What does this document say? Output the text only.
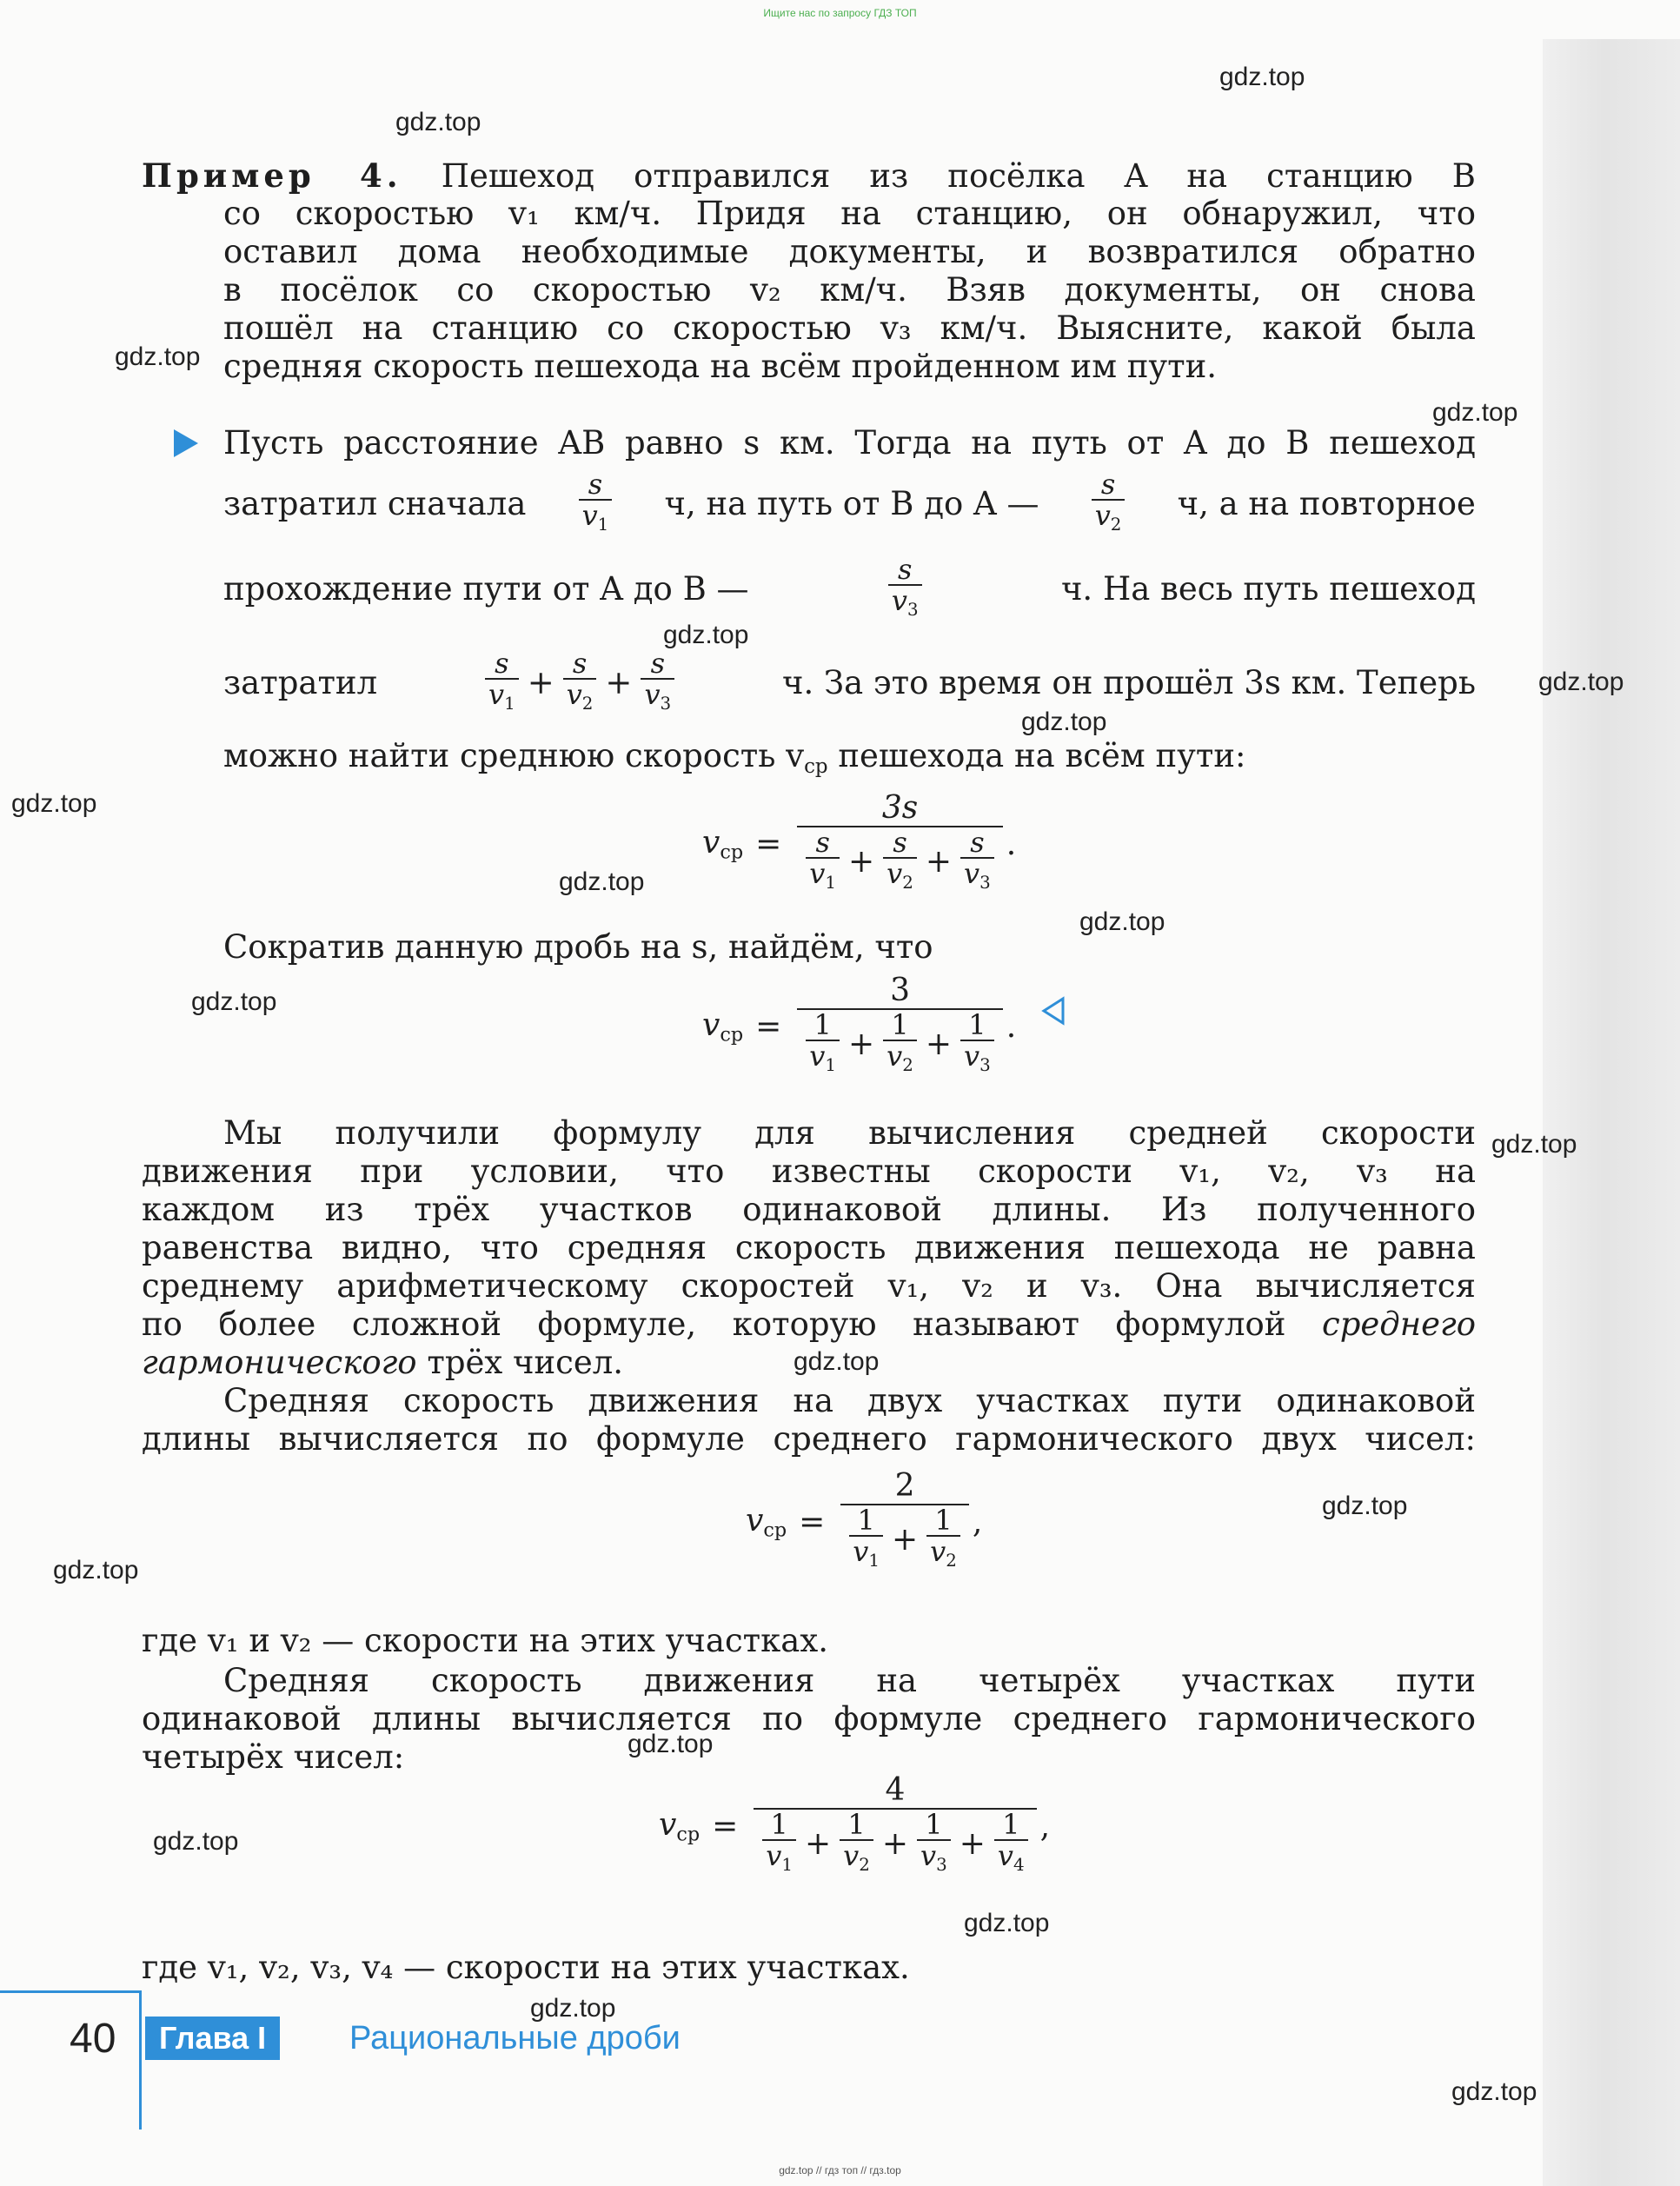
Ищите нас по запросу ГДЗ ТОП
gdz.top
gdz.top
gdz.top
gdz.top
gdz.top
gdz.top
gdz.top
gdz.top
gdz.top
gdz.top
gdz.top
gdz.top
gdz.top
gdz.top
gdz.top
gdz.top
gdz.top
gdz.top
gdz.top
gdz.top
Пример 4. Пешеход отправился из посёлка A на станцию B
со скоростью v₁ км/ч. Придя на станцию, он обнаружил, что
оставил дома необходимые документы, и возвратился обратно
в посёлок со скоростью v₂ км/ч. Взяв документы, он снова
пошёл на станцию со скоростью v₃ км/ч. Выясните, какой была
средняя скорость пешехода на всём пройденном им пути.
Пусть расстояние AB равно s км. Тогда на путь от A до B пешеход
затратил сначала $\frac{s}{v_1} ч$, на путь от B до A — $\frac{s}{v_2} ч$, а на повторное
прохождение пути от A до B —	$\frac{s}{v_3}$	ч. На весь путь пешеход
затратил	$\frac{s}{v_1} + \frac{s}{v_2} + \frac{s}{v_3}$	ч. За это время он прошёл 3s км. Теперь
можно найти среднюю скорость $v_{ср}$ пешехода на всём пути:
$v_{ср} = \frac{3s}{\frac{s}{v_1} + \frac{s}{v_2} + \frac{s}{v_3}}$ .
Сократив данную дробь на s, найдём, что
$v_{ср} = \frac{3}{\frac{1}{v_1} + \frac{1}{v_2} + \frac{1}{v_3}}$ .
Мы получили формулу для вычисления средней скорости
движения при условии, что известны скорости v₁, v₂, v₃ на
каждом из трёх участков одинаковой длины. Из полученного
равенства видно, что средняя скорость движения пешехода не равна
среднему арифметическому скоростей v₁, v₂ и v₃. Она вычисляется
по более сложной формуле, которую называют формулой среднего
гармонического трёх чисел.
Средняя скорость движения на двух участках пути одинаковой
длины вычисляется по формуле среднего гармонического двух чисел:
$v_{ср} = \frac{2}{\frac{1}{v_1} + \frac{1}{v_2}}$ ,
где v₁ и v₂ — скорости на этих участках.
Средняя скорость движения на четырёх участках пути
одинаковой длины вычисляется по формуле среднего гармонического
четырёх чисел:
$v_{ср} = \frac{4}{\frac{1}{v_1} + \frac{1}{v_2} + \frac{1}{v_3} + \frac{1}{v_4}}$ ,
где v₁, v₂, v₃, v₄ — скорости на этих участках.
40	Глава I	Рациональные дроби
gdz.top // гдз топ // гдз.top
